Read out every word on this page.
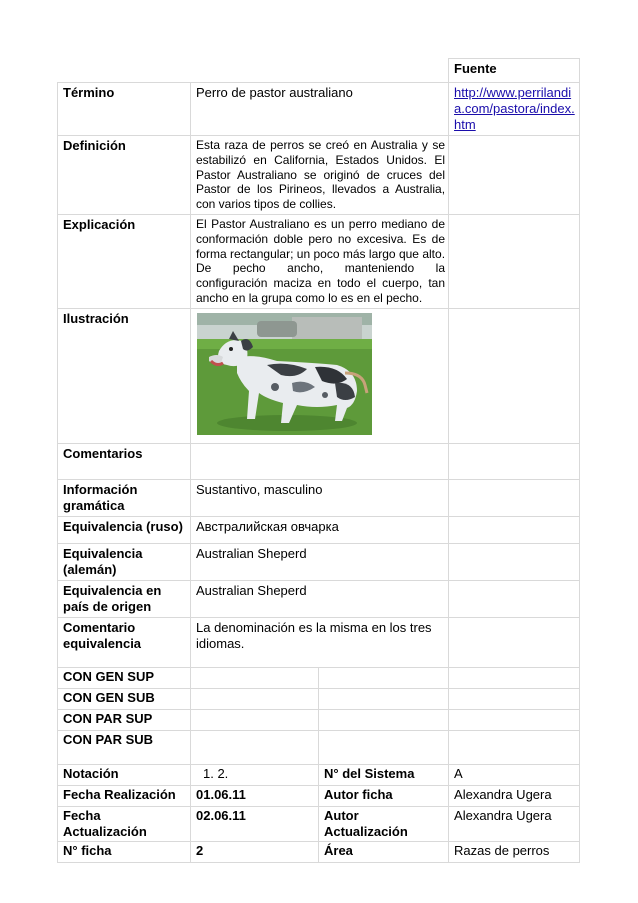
			Fuente
Término	Perro de pastor australiano		http://www.perrilandia.com/pastora/index.htm
Definición	Esta raza de perros se creó en Australia y se estabilizó en California, Estados Unidos. El Pastor Australiano se originó de cruces del Pastor de los Pirineos, llevados a Australia, con varios tipos de collies.		
Explicación	El Pastor Australiano es un perro mediano de conformación doble pero no excesiva. Es de forma rectangular; un poco más largo que alto. De pecho ancho, manteniendo la configuración maciza en todo el cuerpo, tan ancho en la grupa como lo es en el pecho.		
Ilustración	

Comentarios			
Información gramática	Sustantivo, masculino		
Equivalencia (ruso)	Австралийская овчарка		
Equivalencia (alemán)	Australian Sheperd		
Equivalencia en país de origen	Australian Sheperd		
Comentario equivalencia	La denominación es la misma en los tres idiomas.		
CON GEN SUP			
CON GEN SUB			
CON PAR SUP			
CON PAR SUB			
Notación	1. 2.	N° del Sistema	A
Fecha Realización	01.06.11	Autor ficha	Alexandra Ugera
Fecha Actualización	02.06.11	Autor Actualización	Alexandra Ugera
N° ficha	2	Área	Razas de perros
